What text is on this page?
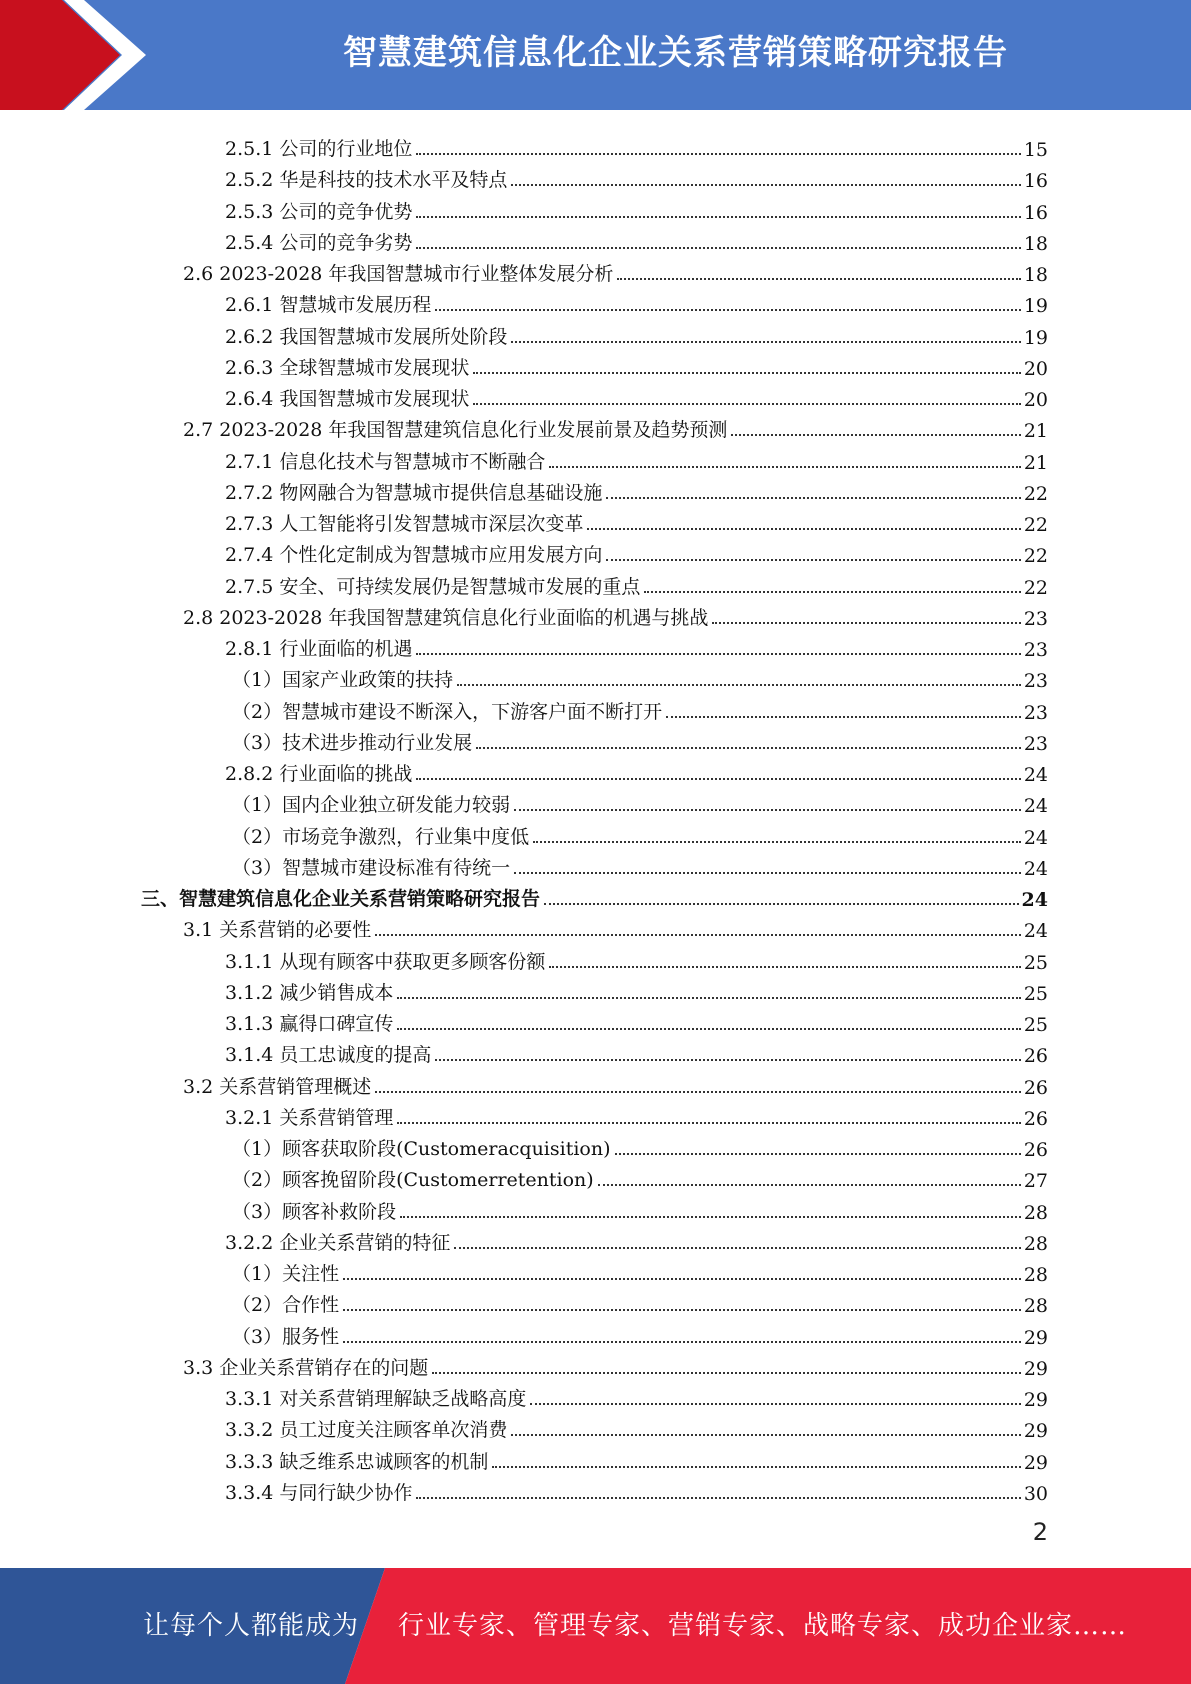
智慧建筑信息化企业关系营销策略研究报告
2.5.1 公司的行业地位	15
2.5.2 华是科技的技术水平及特点	16
2.5.3 公司的竞争优势	16
2.5.4 公司的竞争劣势	18
2.6 2023-2028 年我国智慧城市行业整体发展分析	18
2.6.1 智慧城市发展历程	19
2.6.2 我国智慧城市发展所处阶段	19
2.6.3 全球智慧城市发展现状	20
2.6.4 我国智慧城市发展现状	20
2.7 2023-2028 年我国智慧建筑信息化行业发展前景及趋势预测	21
2.7.1 信息化技术与智慧城市不断融合	21
2.7.2 物网融合为智慧城市提供信息基础设施	22
2.7.3 人工智能将引发智慧城市深层次变革	22
2.7.4 个性化定制成为智慧城市应用发展方向	22
2.7.5 安全、可持续发展仍是智慧城市发展的重点	22
2.8 2023-2028 年我国智慧建筑信息化行业面临的机遇与挑战	23
2.8.1 行业面临的机遇	23
（1）国家产业政策的扶持	23
（2）智慧城市建设不断深入，下游客户面不断打开	23
（3）技术进步推动行业发展	23
2.8.2 行业面临的挑战	24
（1）国内企业独立研发能力较弱	24
（2）市场竞争激烈，行业集中度低	24
（3）智慧城市建设标准有待统一	24
三、智慧建筑信息化企业关系营销策略研究报告	24
3.1 关系营销的必要性	24
3.1.1 从现有顾客中获取更多顾客份额	25
3.1.2 减少销售成本	25
3.1.3 赢得口碑宣传	25
3.1.4 员工忠诚度的提高	26
3.2 关系营销管理概述	26
3.2.1 关系营销管理	26
（1）顾客获取阶段(Customeracquisition)	26
（2）顾客挽留阶段(Customerretention)	27
（3）顾客补救阶段	28
3.2.2 企业关系营销的特征	28
（1）关注性	28
（2）合作性	28
（3）服务性	29
3.3 企业关系营销存在的问题	29
3.3.1 对关系营销理解缺乏战略高度	29
3.3.2 员工过度关注顾客单次消费	29
3.3.3 缺乏维系忠诚顾客的机制	29
3.3.4 与同行缺少协作	30
2
让每个人都能成为 行业专家、管理专家、营销专家、战略专家、成功企业家……
